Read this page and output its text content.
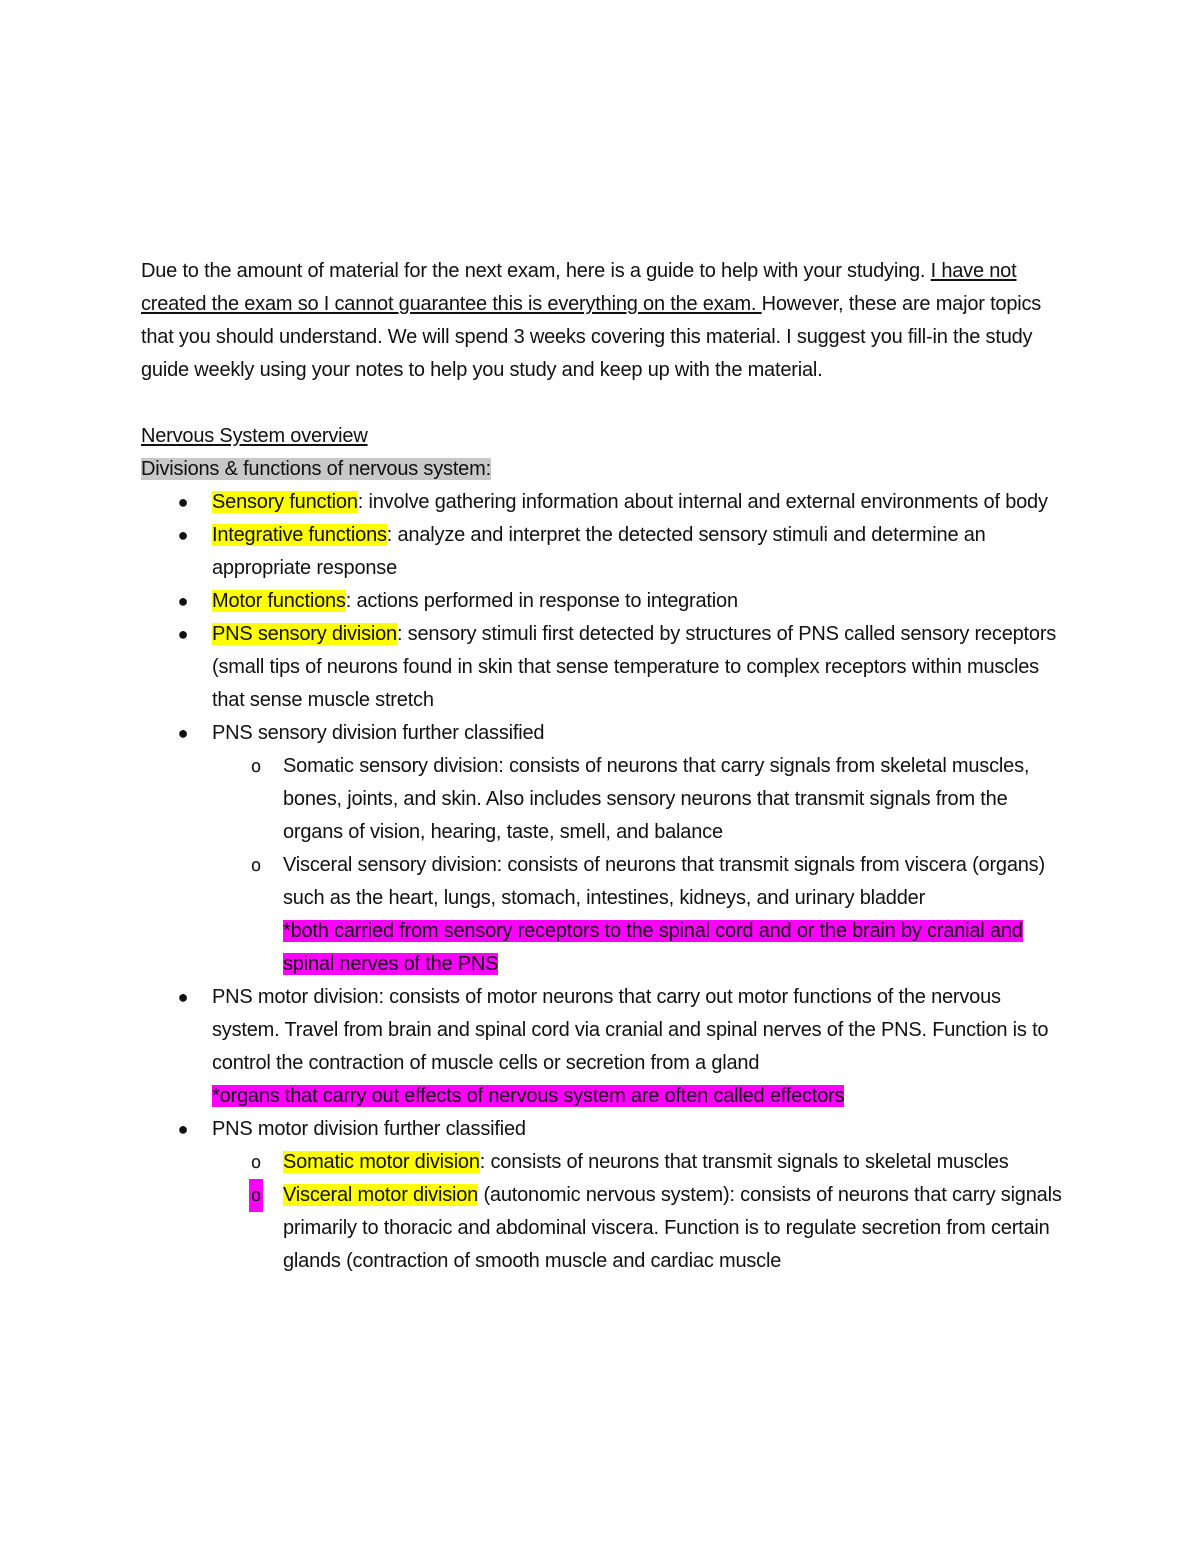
Due to the amount of material for the next exam, here is a guide to help with your studying. I have not created the exam so I cannot guarantee this is everything on the exam. However, these are major topics that you should understand. We will spend 3 weeks covering this material. I suggest you fill-in the study guide weekly using your notes to help you study and keep up with the material.

Nervous System overview

Divisions & functions of nervous system:

● Sensory function: involve gathering information about internal and external environments of body
● Integrative functions: analyze and interpret the detected sensory stimuli and determine an appropriate response
● Motor functions: actions performed in response to integration
● PNS sensory division: sensory stimuli first detected by structures of PNS called sensory receptors (small tips of neurons found in skin that sense temperature to complex receptors within muscles that sense muscle stretch
● PNS sensory division further classified
o Somatic sensory division: consists of neurons that carry signals from skeletal muscles, bones, joints, and skin. Also includes sensory neurons that transmit signals from the organs of vision, hearing, taste, smell, and balance
o Visceral sensory division: consists of neurons that transmit signals from viscera (organs) such as the heart, lungs, stomach, intestines, kidneys, and urinary bladder
*both carried from sensory receptors to the spinal cord and or the brain by cranial and spinal nerves of the PNS
● PNS motor division: consists of motor neurons that carry out motor functions of the nervous system. Travel from brain and spinal cord via cranial and spinal nerves of the PNS. Function is to control the contraction of muscle cells or secretion from a gland
*organs that carry out effects of nervous system are often called effectors
● PNS motor division further classified
o Somatic motor division: consists of neurons that transmit signals to skeletal muscles
o Visceral motor division (autonomic nervous system): consists of neurons that carry signals primarily to thoracic and abdominal viscera. Function is to regulate secretion from certain glands (contraction of smooth muscle and cardiac muscle
